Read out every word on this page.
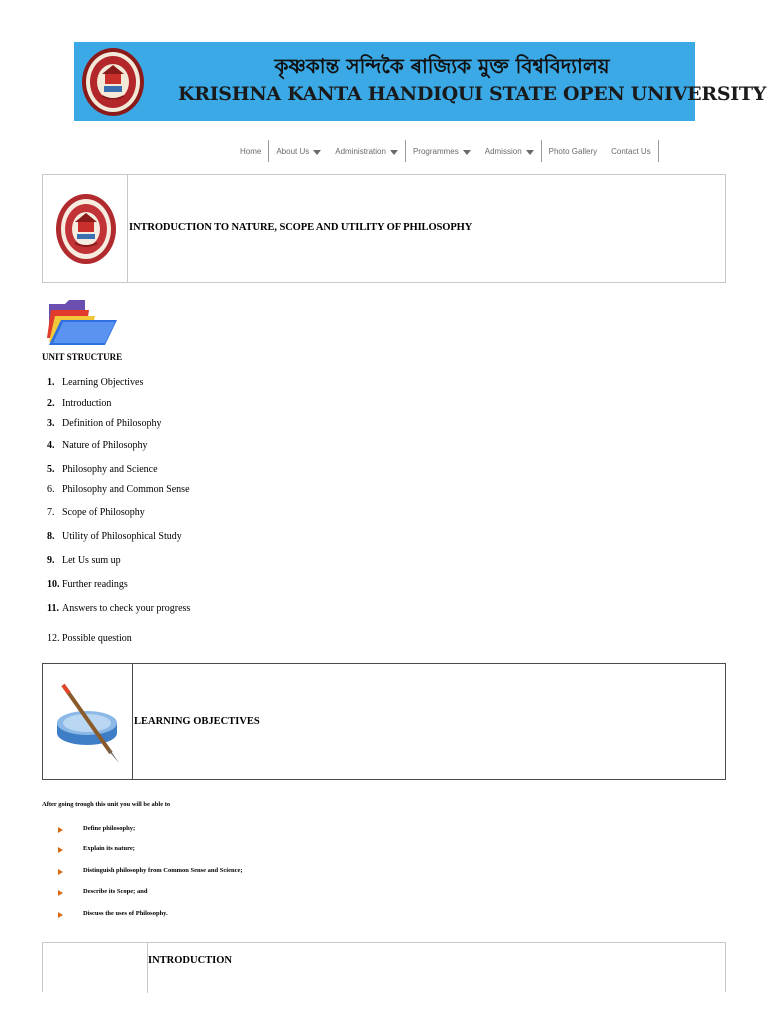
কৃষ্ণকান্ত সন্দিকৈ ৰাজ্যিক মুক্ত বিশ্ববিদ্যালয়
KRISHNA KANTA HANDIQUI STATE OPEN UNIVERSITY
Home About Us	Administration	Programmes	Admission	Photo Gallery Contact Us
INTRODUCTION TO NATURE, SCOPE AND UTILITY OF PHILOSOPHY
UNIT STRUCTURE
1. Learning Objectives
2. Introduction
3. Definition of Philosophy
4. Nature of Philosophy
5. Philosophy and Science
6. Philosophy and Common Sense
7. Scope of Philosophy
8. Utility of Philosophical Study
9. Let Us sum up
10. Further readings
11. Answers to check your progress
12. Possible question
LEARNING OBJECTIVES
After going trough this unit you will be able to
Define philosophy;
Explain its nature;
Distinguish philosophy from Common Sense and Science;
Describe its Scope; and
Discuss the uses of Philosophy.
INTRODUCTION
